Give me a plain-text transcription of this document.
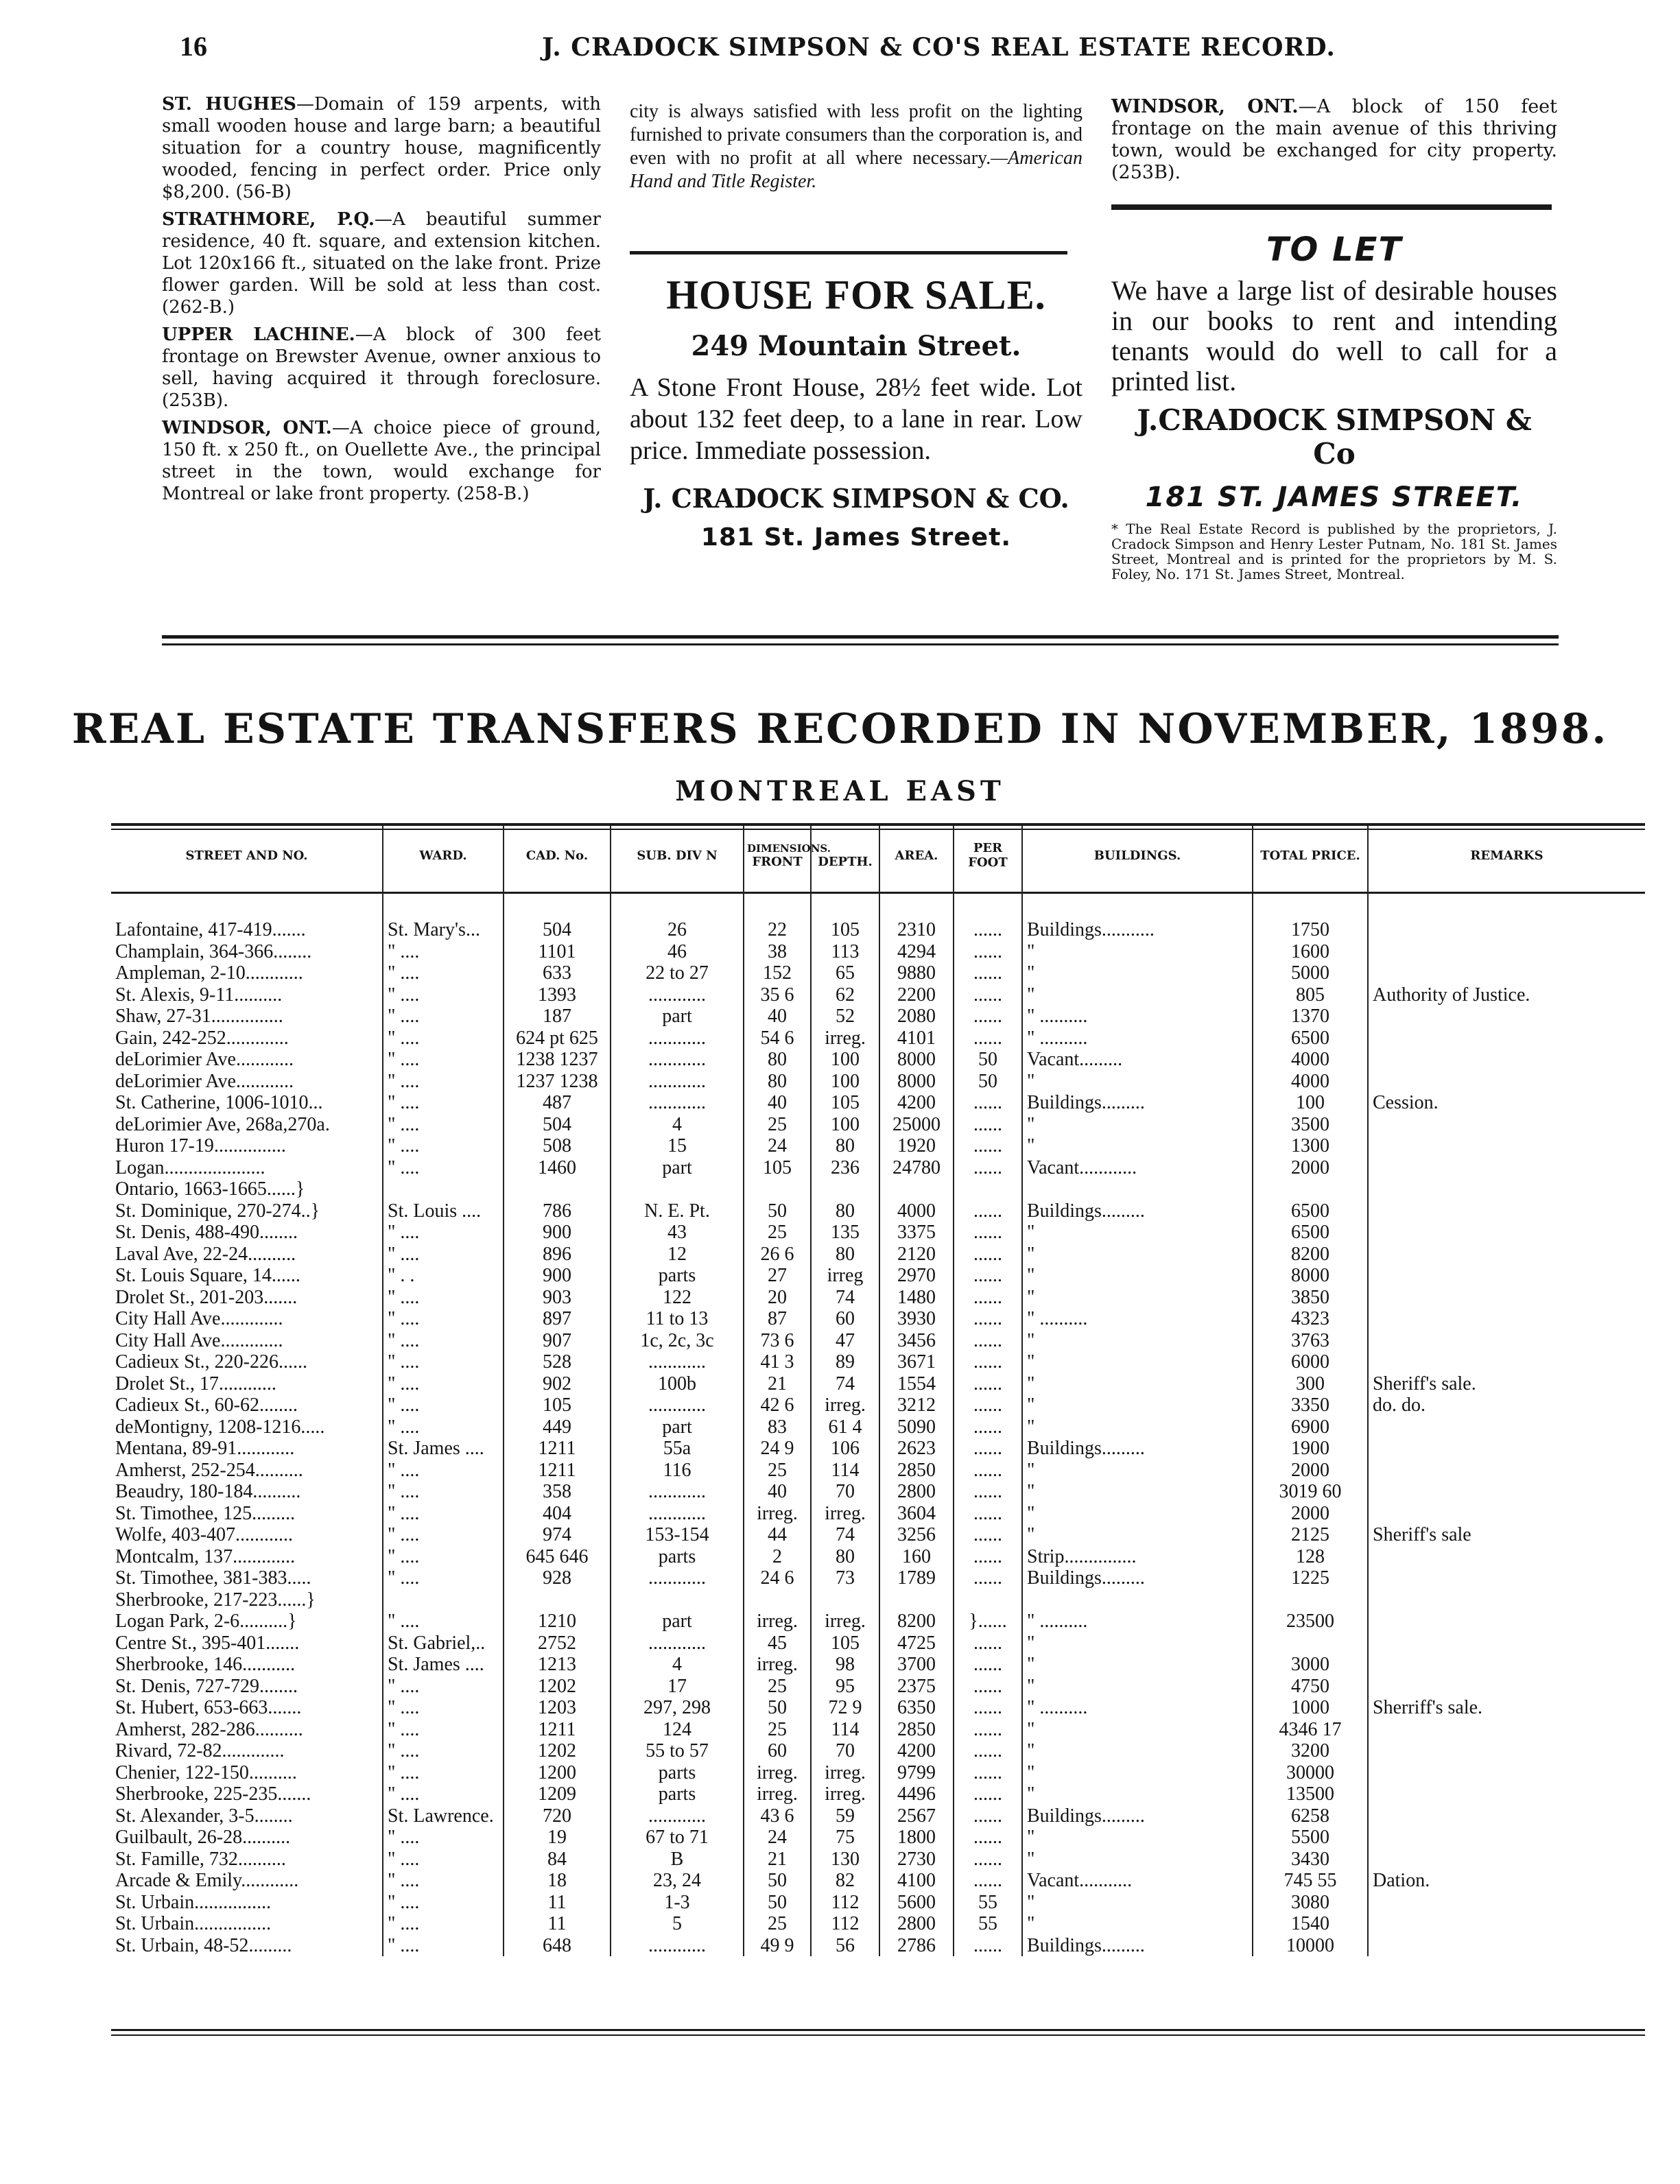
16	J. CRADOCK SIMPSON & CO'S REAL ESTATE RECORD.

ST. HUGHES—Domain of 159 arpents, with small wooden house and large barn; a beautiful situation for a country house, magnificently wooded, fencing in perfect order. Price only $8,200. (56-B)

STRATHMORE, P.Q.—A beautiful summer residence, 40 ft. square, and extension kitchen. Lot 120x166 ft., situated on the lake front. Prize flower garden. Will be sold at less than cost. (262-B.)

UPPER LACHINE.—A block of 300 feet frontage on Brewster Avenue, owner anxious to sell, having acquired it through foreclosure. (253B).

WINDSOR, ONT.—A choice piece of ground, 150 ft. x 250 ft., on Ouellette Ave., the principal street in the town, would exchange for Montreal or lake front property. (258-B.)

city is always satisfied with less profit on the lighting furnished to private consumers than the corporation is, and even with no profit at all where necessary.—American Hand and Title Register.
HOUSE FOR SALE.
249 Mountain Street.
A Stone Front House, 28½ feet wide. Lot about 132 feet deep, to a lane in rear. Low price. Immediate possession.
J. CRADOCK SIMPSON & CO.
181 St. James Street.
WINDSOR, ONT.—A block of 150 feet frontage on the main avenue of this thriving town, would be exchanged for city property. (253B).
TO LET
We have a large list of desirable houses in our books to rent and intending tenants would do well to call for a printed list.
J.CRADOCK SIMPSON & Co
181 ST. JAMES STREET.
* The Real Estate Record is published by the proprietors, J. Cradock Simpson and Henry Lester Putnam, No. 181 St. James Street, Montreal and is printed for the proprietors by M. S. Foley, No. 171 St. James Street, Montreal.
REAL ESTATE TRANSFERS RECORDED IN NOVEMBER, 1898.
MONTREAL EAST
STREET AND NO.	WARD.	CAD. No.	SUB. DIV N	DIMENSIONS.
FRONT	DEPTH.	AREA.	PER FOOT	BUILDINGS.	TOTAL PRICE.	REMARKS
Lafontaine, 417-419.......	St. Mary's...	504	26	22	105	2310	......	Buildings...........	1750	
Champlain, 364-366........	" ....	1101	46	38	113	4294	......	"	1600	
Ampleman, 2-10............	" ....	633	22 to 27	152	65	9880	......	"	5000	
St. Alexis, 9-11..........	" ....	1393	............	35 6	62	2200	......	"	805	Authority of Justice.
Shaw, 27-31...............	" ....	187	part	40	52	2080	......	" ..........	1370	
Gain, 242-252.............	" ....	624 pt 625	............	54 6	irreg.	4101	......	" ..........	6500	
deLorimier Ave............	" ....	1238 1237	............	80	100	8000	50	Vacant.........	4000	
deLorimier Ave............	" ....	1237 1238	............	80	100	8000	50	"	4000	
St. Catherine, 1006-1010...	" ....	487	............	40	105	4200	......	Buildings.........	100	Cession.
deLorimier Ave, 268a,270a.	" ....	504	4	25	100	25000	......	"	3500	
Huron 17-19...............	" ....	508	15	24	80	1920	......	"	1300	
Logan.....................	" ....	1460	part	105	236	24780	......	Vacant............	2000	
Ontario, 1663-1665......}										
St. Dominique, 270-274..}	St. Louis ....	786	N. E. Pt.	50	80	4000	......	Buildings.........	6500	
St. Denis, 488-490........	" ....	900	43	25	135	3375	......	"	6500	
Laval Ave, 22-24..........	" ....	896	12	26 6	80	2120	......	"	8200	
St. Louis Square, 14......	" . .	900	parts	27	irreg	2970	......	"	8000	
Drolet St., 201-203.......	" ....	903	122	20	74	1480	......	"	3850	
City Hall Ave.............	" ....	897	11 to 13	87	60	3930	......	" ..........	4323	
City Hall Ave.............	" ....	907	1c, 2c, 3c	73 6	47	3456	......	"	3763	
Cadieux St., 220-226......	" ....	528	............	41 3	89	3671	......	"	6000	
Drolet St., 17............	" ....	902	100b	21	74	1554	......	"	300	Sheriff's sale.
Cadieux St., 60-62........	" ....	105	............	42 6	irreg.	3212	......	"	3350	do. do.
deMontigny, 1208-1216.....	" ....	449	part	83	61 4	5090	......	"	6900	
Mentana, 89-91............	St. James ....	1211	55a	24 9	106	2623	......	Buildings.........	1900	
Amherst, 252-254..........	" ....	1211	116	25	114	2850	......	"	2000	
Beaudry, 180-184..........	" ....	358	............	40	70	2800	......	"	3019 60	
St. Timothee, 125.........	" ....	404	............	irreg.	irreg.	3604	......	"	2000	
Wolfe, 403-407............	" ....	974	153-154	44	74	3256	......	"	2125	Sheriff's sale
Montcalm, 137.............	" ....	645 646	parts	2	80	160	......	Strip...............	128	
St. Timothee, 381-383.....	" ....	928	............	24 6	73	1789	......	Buildings.........	1225	
Sherbrooke, 217-223......}										
Logan Park, 2-6..........}	" ....	1210	part	irreg.	irreg.	8200	}......	" ..........	23500	
Centre St., 395-401.......	St. Gabriel,..	2752	............	45	105	4725	......	"		
Sherbrooke, 146...........	St. James ....	1213	4	irreg.	98	3700	......	"	3000	
St. Denis, 727-729........	" ....	1202	17	25	95	2375	......	"	4750	
St. Hubert, 653-663.......	" ....	1203	297, 298	50	72 9	6350	......	" ..........	1000	Sherriff's sale.
Amherst, 282-286..........	" ....	1211	124	25	114	2850	......	"	4346 17	
Rivard, 72-82.............	" ....	1202	55 to 57	60	70	4200	......	"	3200	
Chenier, 122-150..........	" ....	1200	parts	irreg.	irreg.	9799	......	"	30000	
Sherbrooke, 225-235.......	" ....	1209	parts	irreg.	irreg.	4496	......	"	13500	
St. Alexander, 3-5........	St. Lawrence.	720	............	43 6	59	2567	......	Buildings.........	6258	
Guilbault, 26-28..........	" ....	19	67 to 71	24	75	1800	......	"	5500	
St. Famille, 732..........	" ....	84	B	21	130	2730	......	"	3430	
Arcade & Emily............	" ....	18	23, 24	50	82	4100	......	Vacant...........	745 55	Dation.
St. Urbain................	" ....	11	1-3	50	112	5600	55	"	3080	
St. Urbain................	" ....	11	5	25	112	2800	55	"	1540	
St. Urbain, 48-52.........	" ....	648	............	49 9	56	2786	......	Buildings.........	10000	
